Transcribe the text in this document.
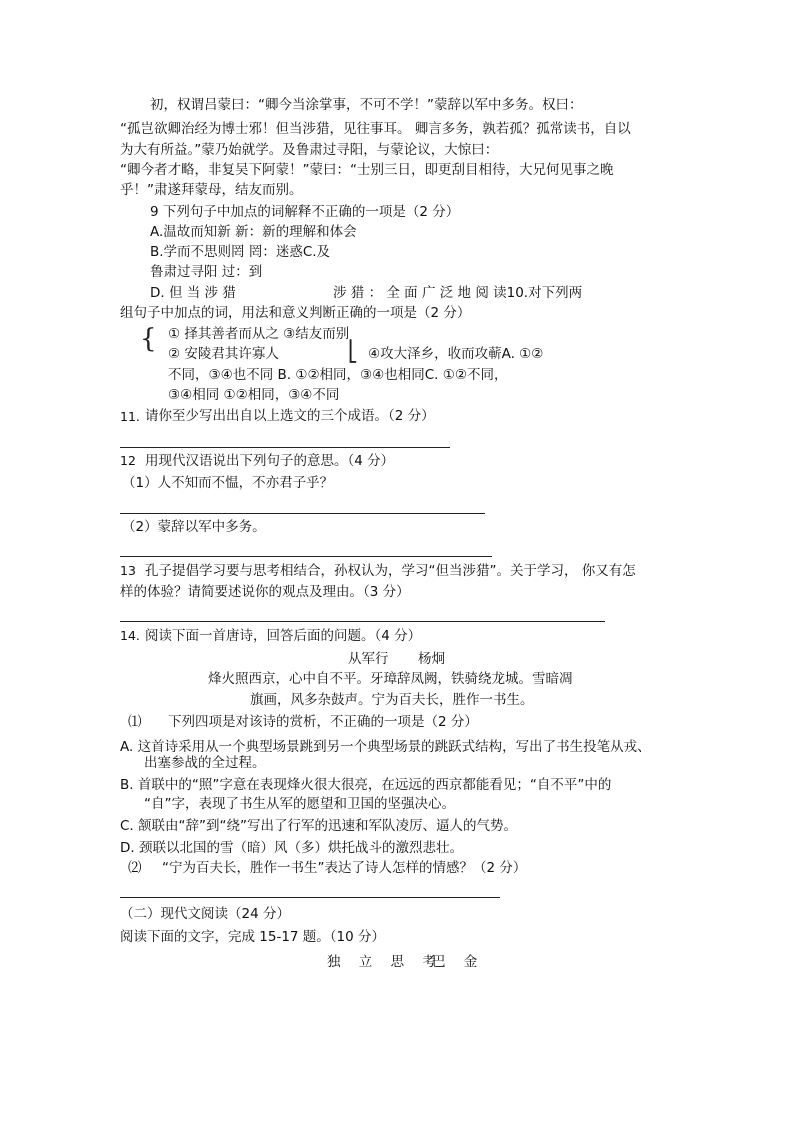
初，权谓吕蒙曰：“卿今当涂掌事，不可不学！”蒙辞以军中多务。权曰：
“孤岂欲卿治经为博士邪！但当涉猎，见往事耳。 卿言多务，孰若孤？孤常读书，自以
为大有所益。”蒙乃始就学。及鲁肃过寻阳，与蒙论议，大惊曰：
“卿今者才略，非复吴下阿蒙！”蒙曰：“士别三日，即更刮目相待，大兄何见事之晚
乎！”肃遂拜蒙母，结友而别。
9 下列句子中加点的词解释不正确的一项是（2 分）
A.温故而知新 新：新的理解和体会
B.学而不思则罔 罔：迷惑C.及
鲁肃过寻阳 过：到
D. 但 当 涉 猎	涉 猎 ： 全 面 广 泛 地 阅 读10.对下列两
组句子中加点的词，用法和意义判断正确的一项是（2 分）
{ ① 择其善者而从之 ③结友而别
② 安陵君其许寡人	⎣ ④攻大泽乡，收而攻蕲A. ①②
不同，③④也不同 B. ①②相同，③④也相同C. ①②不同，
③④相同 ①②相同，③④不同
11. 请你至少写出出自以上选文的三个成语。（2 分）
12 用现代汉语说出下列句子的意思。（4 分）
（1）人不知而不愠，不亦君子乎？
（2）蒙辞以军中多务。
13 孔子提倡学习要与思考相结合，孙权认为，学习“但当涉猎”。关于学习， 你又有怎
样的体验？请简要述说你的观点及理由。（3 分）
14. 阅读下面一首唐诗，回答后面的问题。（4 分）
从军行 杨炯
烽火照西京，心中自不平。牙璋辞凤阙，铁骑绕龙城。雪暗凋
旗画，风多杂鼓声。宁为百夫长，胜作一书生。
⑴ 下列四项是对该诗的赏析，不正确的一项是（2 分）
A. 这首诗采用从一个典型场景跳到另一个典型场景的跳跃式结构，写出了书生投笔从戎、
出塞参战的全过程。
B. 首联中的“照”字意在表现烽火很大很亮，在远远的西京都能看见；“自不平”中的
“自”字，表现了书生从军的愿望和卫国的坚强决心。
C. 颔联由“辞”到“绕”写出了行军的迅速和军队凌厉、逼人的气势。
D. 颈联以北国的雪（暗）风（多）烘托战斗的激烈悲壮。
⑵ “宁为百夫长，胜作一书生”表达了诗人怎样的情感？（2 分）
（二）现代文阅读（24 分）
阅读下面的文字，完成 15-17 题。（10 分）
独 立 思 考
巴 金
